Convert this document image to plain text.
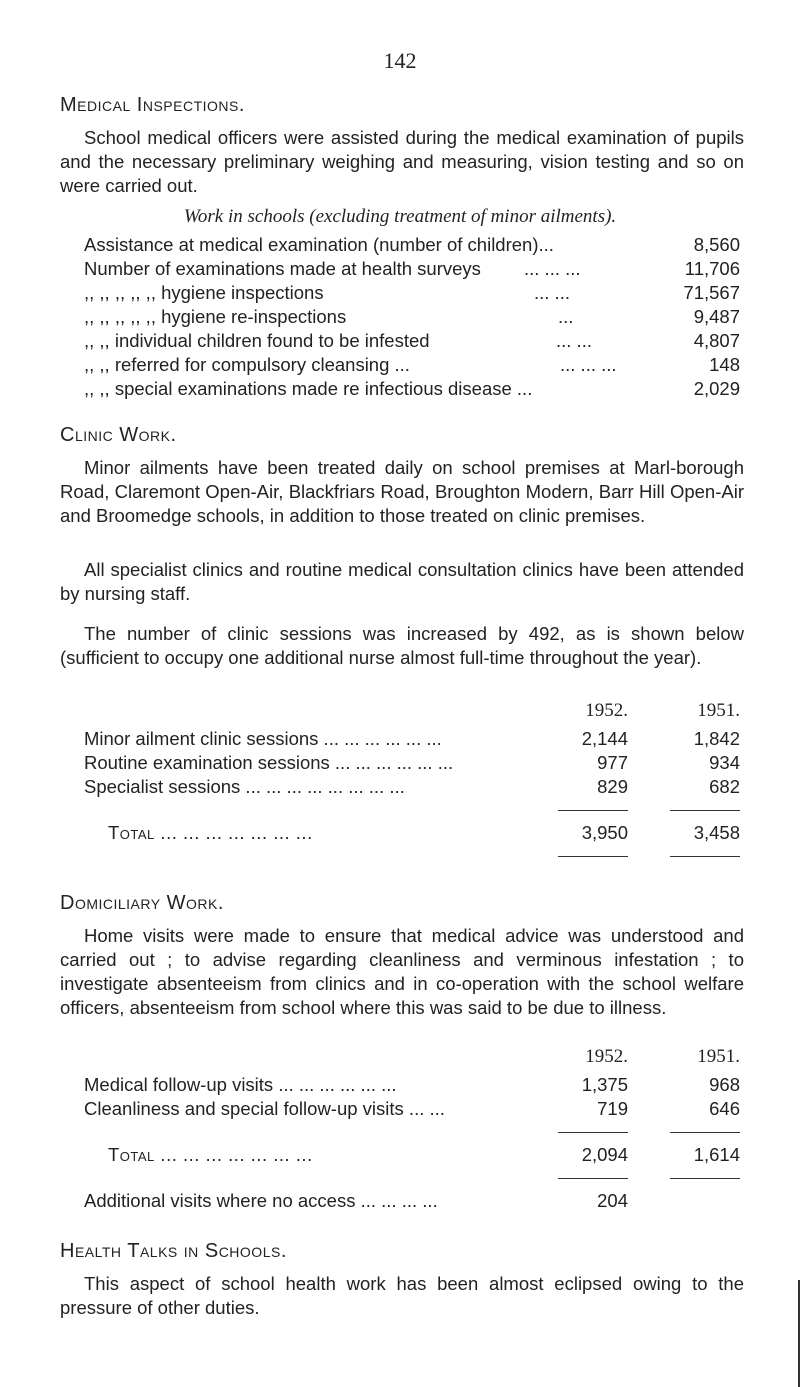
142
Medical Inspections.
School medical officers were assisted during the medical examination of pupils and the necessary preliminary weighing and measuring, vision testing and so on were carried out.
Work in schools (excluding treatment of minor ailments).
Assistance at medical examination (number of children)...	8,560
Number of examinations made at health surveys ... ... ...	11,706
,, ,, ,, ,, ,, hygiene inspections	... ...	71,567
,, ,, ,, ,, ,, hygiene re-inspections	...	9,487
,, ,, individual children found to be infested	... ...	4,807
,, ,, referred for compulsory cleansing ...	... ... ...	148
,, ,, special examinations made re infectious disease ...	2,029
Clinic Work.
Minor ailments have been treated daily on school premises at Marl-borough Road, Claremont Open-Air, Blackfriars Road, Broughton Modern, Barr Hill Open-Air and Broomedge schools, in addition to those treated on clinic premises.
All specialist clinics and routine medical consultation clinics have been attended by nursing staff.
The number of clinic sessions was increased by 492, as is shown below (sufficient to occupy one additional nurse almost full-time throughout the year).
1952.	1951.
Minor ailment clinic sessions ... ... ... ... ... ...	2,144	1,842
Routine examination sessions ... ... ... ... ... ...	977	934
Specialist sessions ... ... ... ... ... ... ... ...	829	682
Total ... ... ... ... ... ... ...	3,950	3,458
Domiciliary Work.
Home visits were made to ensure that medical advice was understood and carried out ; to advise regarding cleanliness and verminous infestation ; to investigate absenteeism from clinics and in co-operation with the school welfare officers, absenteeism from school where this was said to be due to illness.
1952.	1951.
Medical follow-up visits ... ... ... ... ... ...	1,375	968
Cleanliness and special follow-up visits ... ...	719	646
Total ... ... ... ... ... ... ...	2,094	1,614
Additional visits where no access ... ... ... ...	204
Health Talks in Schools.
This aspect of school health work has been almost eclipsed owing to the pressure of other duties.
